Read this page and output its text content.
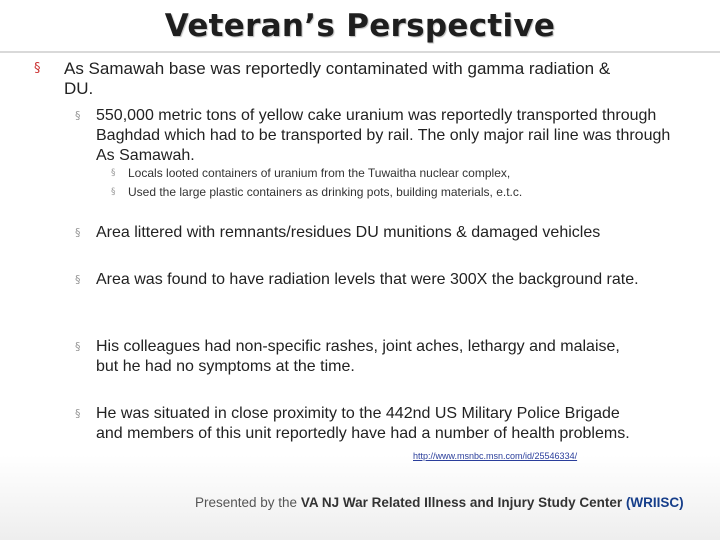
Veteran’s Perspective
§ As Samawah base was reportedly contaminated with gamma radiation & DU.
§ 550,000 metric tons of yellow cake uranium was reportedly transported through Baghdad which had to be transported by rail. The only major rail line was through As Samawah.
§ Locals looted containers of uranium from the Tuwaitha nuclear complex,
§ Used the large plastic containers as drinking pots, building materials, e.t.c.
§ Area littered with remnants/residues DU munitions & damaged vehicles
§ Area was found to have radiation levels that were 300X the background rate.
§ His colleagues had non-specific rashes, joint aches, lethargy and malaise, but he had no symptoms at the time.
§ He was situated in close proximity to the 442nd US Military Police Brigade and members of this unit reportedly have had a number of health problems.
http://www.msnbc.msn.com/id/25546334/
Presented by the VA NJ War Related Illness and Injury Study Center (WRIISC)
